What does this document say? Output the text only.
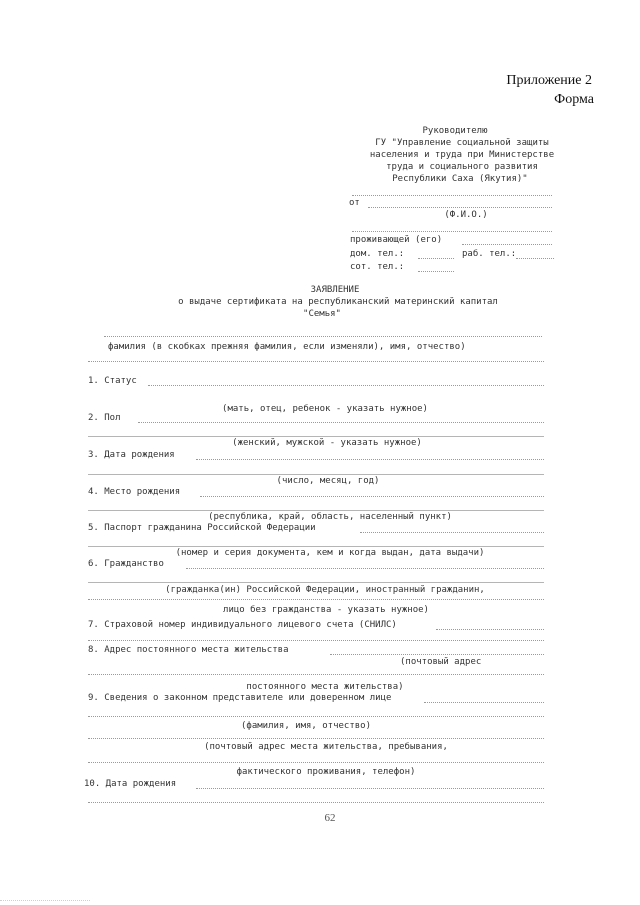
Приложение 2
Форма
Руководителю
ГУ "Управление социальной защиты
населения и труда при Министерстве
труда и социального развития
Республики Саха (Якутия)"
от
(Ф.И.О.)
проживающей (его)
дом. тел.:	раб. тел.:
сот. тел.:
ЗАЯВЛЕНИЕ
о выдаче сертификата на республиканский материнский капитал
"Семья"
фамилия (в скобках прежняя фамилия, если изменяли), имя, отчество)
1. Статус
(мать, отец, ребенок - указать нужное)
2. Пол
(женский, мужской - указать нужное)
3. Дата рождения
(число, месяц, год)
4. Место рождения
(республика, край, область, населенный пункт)
5. Паспорт гражданина Российской Федерации
(номер и серия документа, кем и когда выдан, дата выдачи)
6. Гражданство
(гражданка(ин) Российской Федерации, иностранный гражданин,
лицо без гражданства - указать нужное)
7. Страховой номер индивидуального лицевого счета (СНИЛС)
8. Адрес постоянного места жительства
(почтовый адрес
постоянного места жительства)
9. Сведения о законном представителе или доверенном лице
(фамилия, имя, отчество)
(почтовый адрес места жительства, пребывания,
фактического проживания, телефон)
10. Дата рождения
62
